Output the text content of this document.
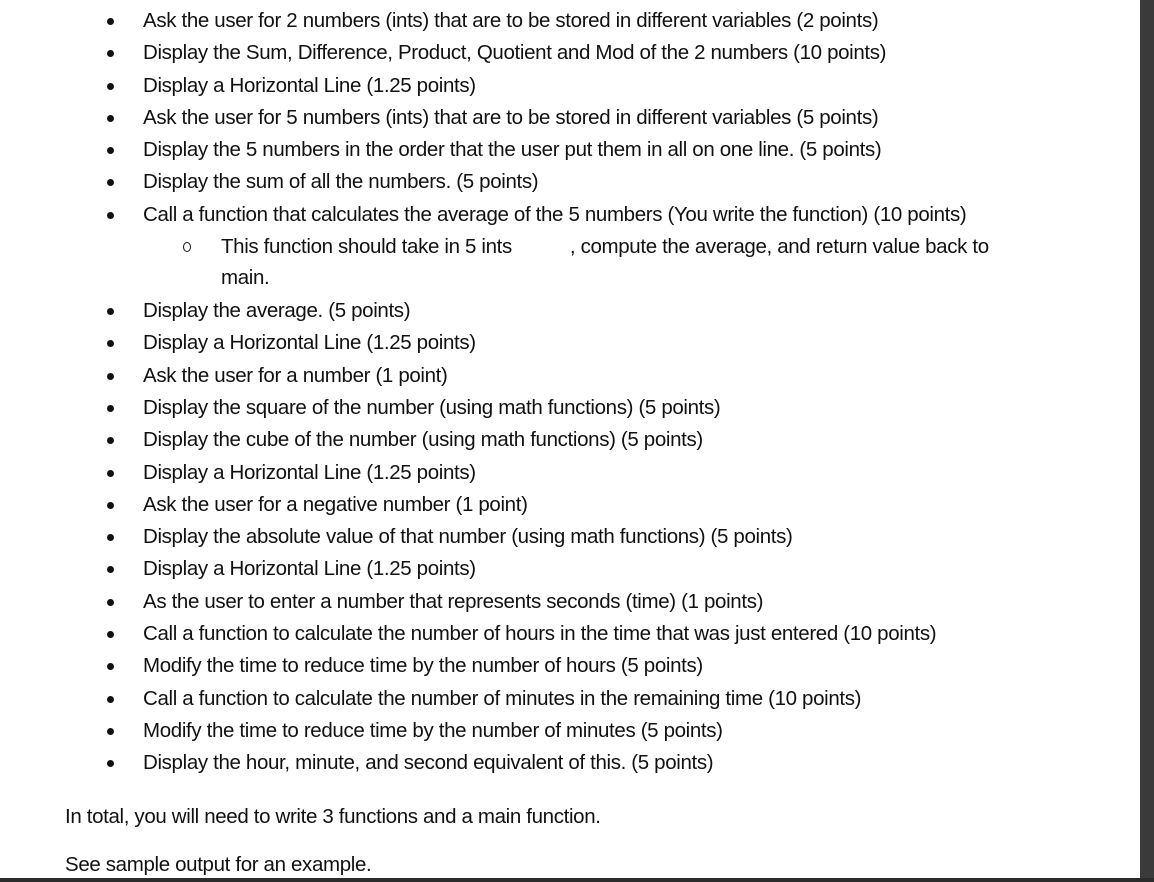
Ask the user for 2 numbers (ints) that are to be stored in different variables (2 points)
Display the Sum, Difference, Product, Quotient and Mod of the 2 numbers (10 points)
Display a Horizontal Line (1.25 points)
Ask the user for 5 numbers (ints) that are to be stored in different variables (5 points)
Display the 5 numbers in the order that the user put them in all on one line. (5 points)
Display the sum of all the numbers. (5 points)
Call a function that calculates the average of the 5 numbers (You write the function) (10 points)
This function should take in 5 ints	, compute the average, and return value back to
main.
Display the average. (5 points)
Display a Horizontal Line (1.25 points)
Ask the user for a number (1 point)
Display the square of the number (using math functions) (5 points)
Display the cube of the number (using math functions) (5 points)
Display a Horizontal Line (1.25 points)
Ask the user for a negative number (1 point)
Display the absolute value of that number (using math functions) (5 points)
Display a Horizontal Line (1.25 points)
As the user to enter a number that represents seconds (time) (1 points)
Call a function to calculate the number of hours in the time that was just entered (10 points)
Modify the time to reduce time by the number of hours (5 points)
Call a function to calculate the number of minutes in the remaining time (10 points)
Modify the time to reduce time by the number of minutes (5 points)
Display the hour, minute, and second equivalent of this. (5 points)
In total, you will need to write 3 functions and a main function.
See sample output for an example.
